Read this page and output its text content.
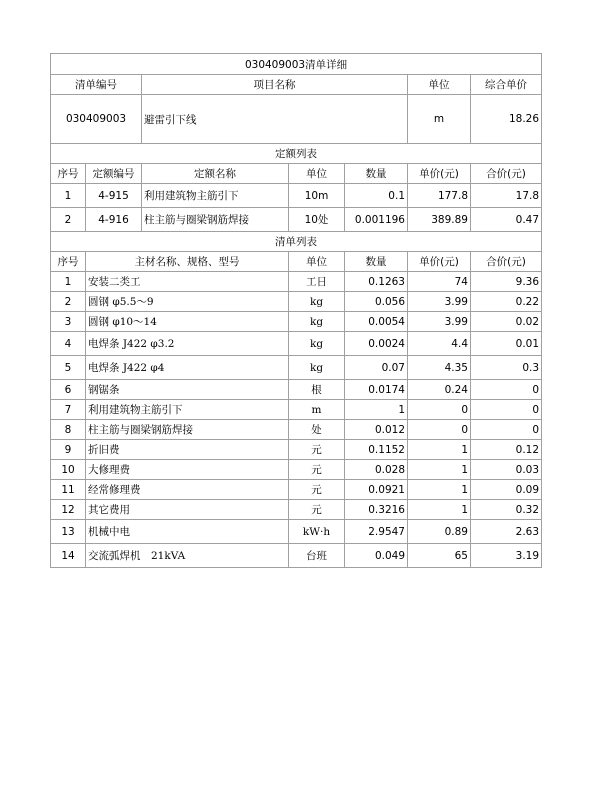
030409003清单详细						
清单编号		项目名称			单位	综合单价
030409003		避雷引下线			m	18.26
定额列表						
序号	定额编号	定额名称	单位	数量	单价(元)	合价(元)
1	4-915	利用建筑物主筋引下	10m	0.1	177.8	17.8
2	4-916	柱主筋与圈梁钢筋焊接	10处	0.001196	389.89	0.47
清单列表						
序号	主材名称、规格、型号		单位	数量	单价(元)	合价(元)
1	安装二类工		工日	0.1263	74	9.36
2	圆钢 φ5.5～9		kg	0.056	3.99	0.22
3	圆钢 φ10～14		kg	0.0054	3.99	0.02
4	电焊条 J422 φ3.2		kg	0.0024	4.4	0.01
5	电焊条 J422 φ4		kg	0.07	4.35	0.3
6	钢锯条		根	0.0174	0.24	0
7	利用建筑物主筋引下		m	1	0	0
8	柱主筋与圈梁钢筋焊接		处	0.012	0	0
9	折旧费		元	0.1152	1	0.12
10	大修理费		元	0.028	1	0.03
11	经常修理费		元	0.0921	1	0.09
12	其它费用		元	0.3216	1	0.32
13	机械中电		kW·h	2.9547	0.89	2.63
14	交流弧焊机　21kVA		台班	0.049	65	3.19
